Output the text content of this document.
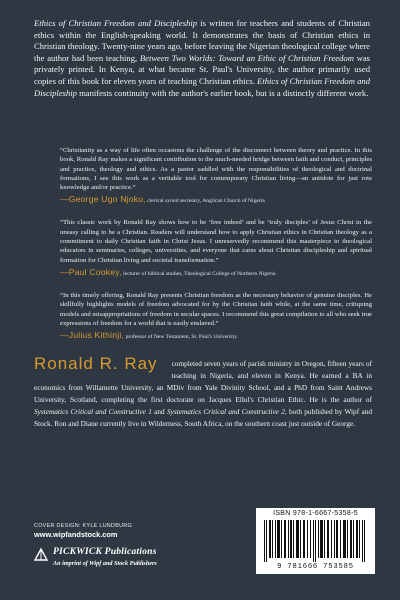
Ethics of Christian Freedom and Discipleship is written for teachers and students of Christian ethics within the English-speaking world. It demonstrates the basis of Christian ethics in Christian theology. Twenty-nine years ago, before leaving the Nigerian theological college where the author had been teaching, Between Two Worlds: Toward an Ethic of Christian Freedom was privately printed. In Kenya, at what became St. Paul's University, the author primarily used copies of this book for eleven years of teaching Christian ethics. Ethics of Christian Freedom and Discipleship manifests continuity with the author's earlier book, but is a distinctly different work.

“Christianity as a way of life often occasions the challenge of the disconnect between theory and practice. In this book, Ronald Ray makes a significant contribution to the much-needed bridge between faith and conduct, principles and practice, theology and ethics. As a pastor saddled with the responsibilities of theological and doctrinal formations, I see this work as a veritable tool for contemporary Christian living—an antidote for just rote knowledge and/or practice.”

—George Ugo Njoku, clerical synod secretary, Anglican Church of Nigeria

“This classic work by Ronald Ray shows how to be ‘free indeed’ and be ‘truly disciples’ of Jesus Christ in the uneasy calling to be a Christian. Readers will understand how to apply Christian ethics in Christian theology as a commitment to daily Christian faith in Christ Jesus. I unreservedly recommend this masterpiece to theological educators in seminaries, colleges, universities, and everyone that cares about Christian discipleship and spiritual formation for Christian living and societal transformation.”

—Paul Cookey, lecturer of biblical studies, Theological College of Northern Nigeria

“In this timely offering, Ronald Ray presents Christian freedom as the necessary behavior of genuine disciples. He skillfully highlights models of freedom advocated for by the Christian faith while, at the same time, critiquing models and misappropriations of freedom in secular spaces. I recommend this great compilation to all who seek true expressions of freedom for a world that is easily enslaved.”

—Julius Kithinji, professor of New Testament, St. Paul's University
Ronald R. Ray	completed seven years of parish ministry in Oregon, fifteen years of teaching in Nigeria, and eleven in Kenya. He earned a BA in economics from Willamette University, an MDiv from Yale Divinity School, and a PhD from Saint Andrews University, Scotland, completing the first doctorate on Jacques Ellul's Christian Ethic. He is the author of Systematics Critical and Constructive 1 and Systematics Critical and Constructive 2, both published by Wipf and Stock. Ron and Diane currently live in Wilderness, South Africa, on the southern coast just outside of George.

COVER DESIGN: KYLE LUNDBURG
www.wipfandstock.com
PICKWICK Publications
An imprint of Wipf and Stock Publishers
ISBN 978-1-6667-5358-5
9 781666 753585
